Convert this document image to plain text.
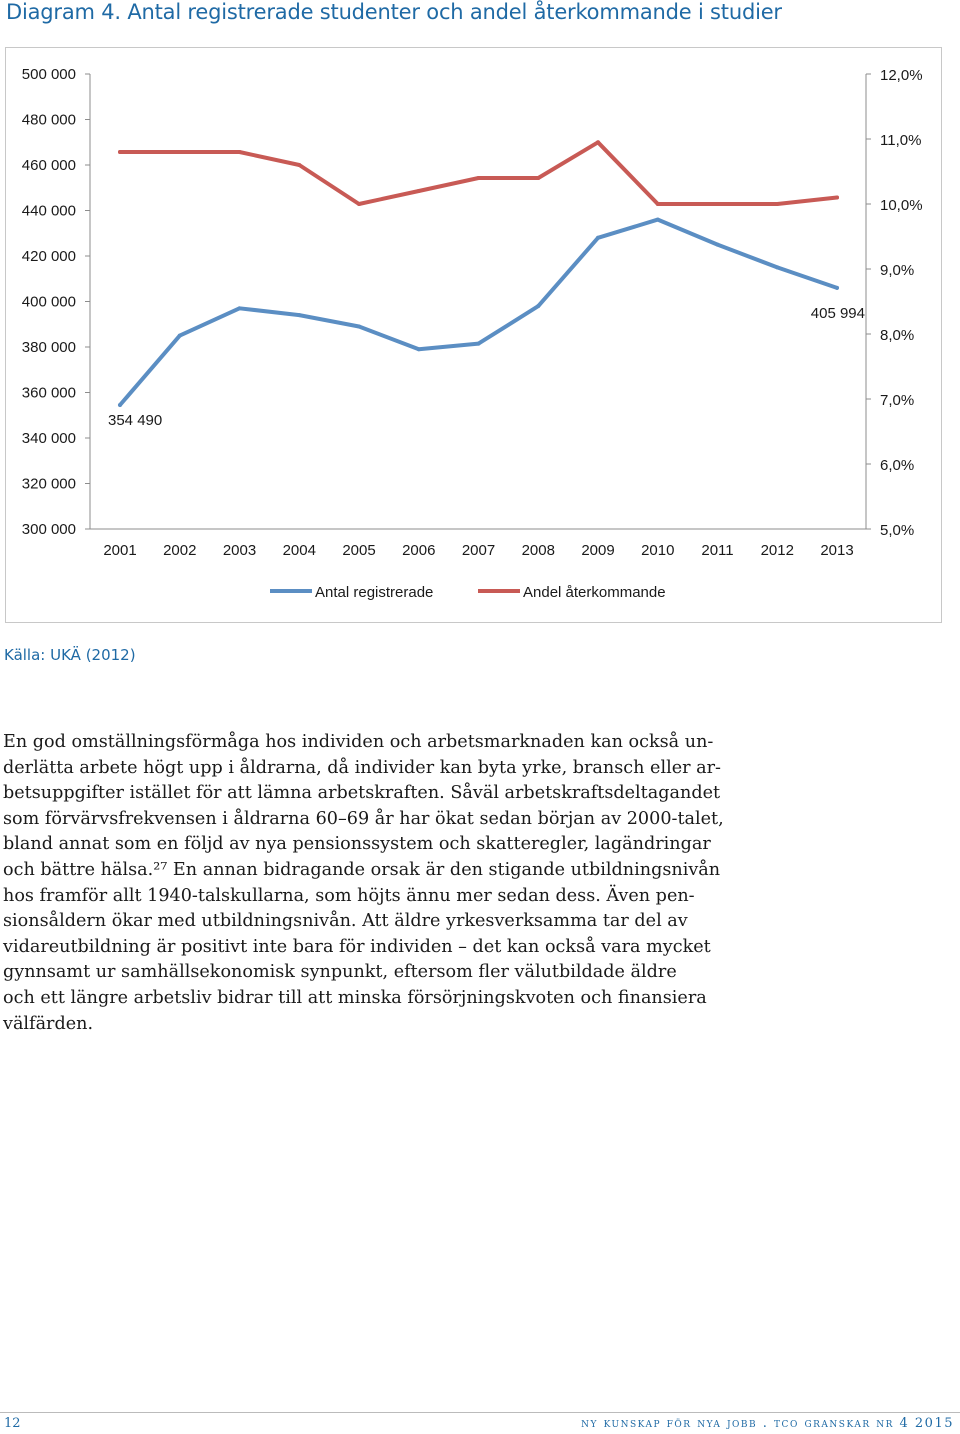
Diagram 4. Antal registrerade studenter och andel återkommande i studier
300 000
320 000
340 000
360 000
380 000
400 000
420 000
440 000
460 000
480 000
500 000
5,0%
6,0%
7,0%
8,0%
9,0%
10,0%
11,0%
12,0%
2001 2002 2003 2004 2005 2006 2007 2008 2009 2010 2011 2012 2013
354 490
405 994
Antal registrerade	Andel återkommande
Källa: UKÄ (2012)
En god omställningsförmåga hos individen och arbetsmarknaden kan också un-
derlätta arbete högt upp i åldrarna, då individer kan byta yrke, bransch eller ar-
betsuppgifter istället för att lämna arbetskraften. Såväl arbetskraftsdeltagandet
som förvärvsfrekvensen i åldrarna 60–69 år har ökat sedan början av 2000-talet,
bland annat som en följd av nya pensionssystem och skatteregler, lagändringar
och bättre hälsa.²⁷ En annan bidragande orsak är den stigande utbildningsnivån
hos framför allt 1940-talskullarna, som höjts ännu mer sedan dess. Även pen-
sionsåldern ökar med utbildningsnivån. Att äldre yrkesverksamma tar del av
vidareutbildning är positivt inte bara för individen – det kan också vara mycket
gynnsamt ur samhällsekonomisk synpunkt, eftersom fler välutbildade äldre
och ett längre arbetsliv bidrar till att minska försörjningskvoten och finansiera
välfärden.
12	ny kunskap för nya jobb . tco granskar nr 4 2015
